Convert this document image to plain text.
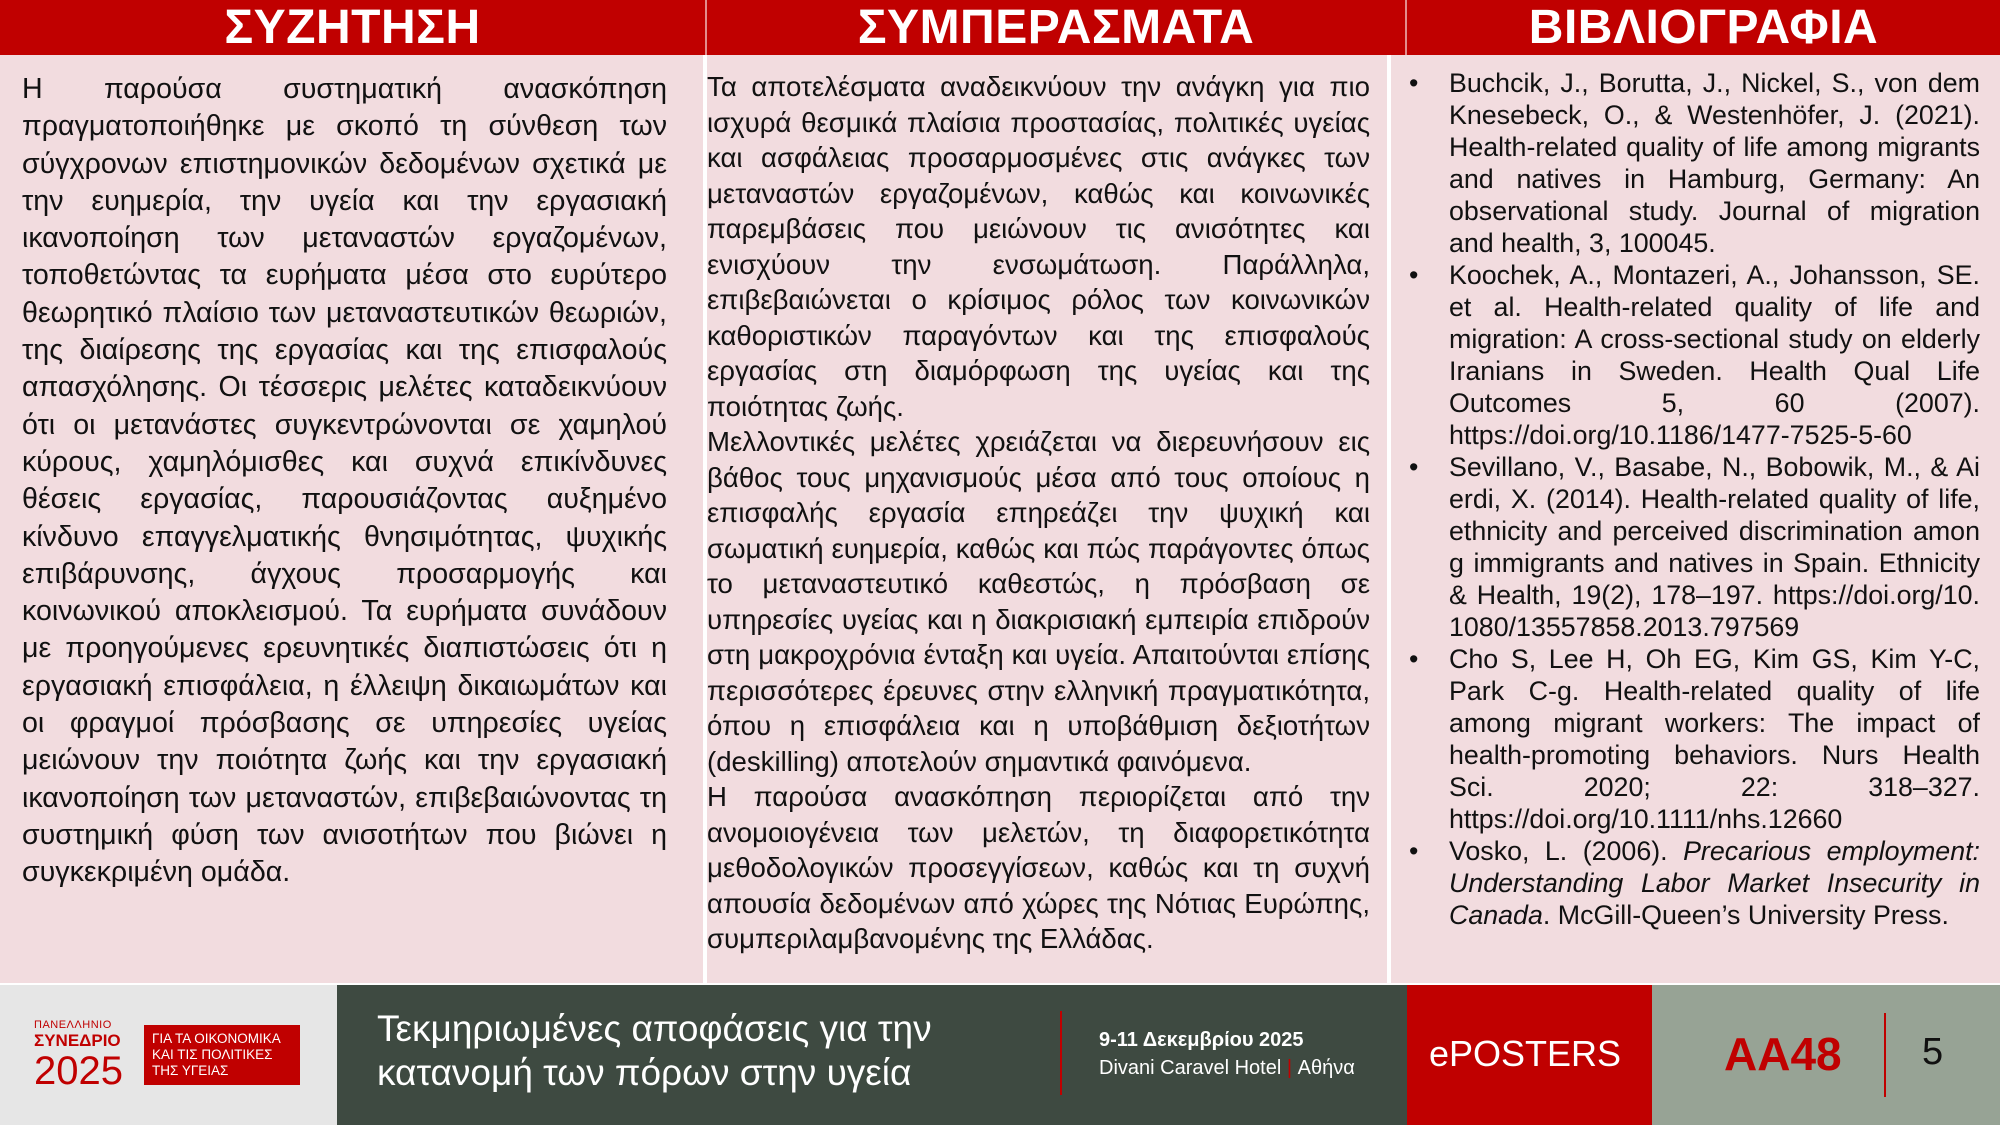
ΣΥΖΗΤΗΣΗ	ΣΥΜΠΕΡΑΣΜΑΤΑ	ΒΙΒΛΙΟΓΡΑΦΙΑ

Η παρούσα συστηματική ανασκόπηση πραγματοποιήθηκε με σκοπό τη σύνθεση των σύγχρονων επιστημονικών δεδομένων σχετικά με την ευημερία, την υγεία και την εργασιακή ικανοποίηση των μεταναστών εργαζομένων, τοποθετώντας τα ευρήματα μέσα στο ευρύτερο θεωρητικό πλαίσιο των μεταναστευτικών θεωριών, της διαίρεσης της εργασίας και της επισφαλούς απασχόλησης. Οι τέσσερις μελέτες καταδεικνύουν ότι οι μετανάστες συγκεντρώνονται σε χαμηλού κύρους, χαμηλόμισθες και συχνά επικίνδυνες θέσεις εργασίας, παρουσιάζοντας αυξημένο κίνδυνο επαγγελματικής θνησιμότητας, ψυχικής επιβάρυνσης, άγχους προσαρμογής και κοινωνικού αποκλεισμού. Τα ευρήματα συνάδουν με προηγούμενες ερευνητικές διαπιστώσεις ότι η εργασιακή επισφάλεια, η έλλειψη δικαιωμάτων και οι φραγμοί πρόσβασης σε υπηρεσίες υγείας μειώνουν την ποιότητα ζωής και την εργασιακή ικανοποίηση των μεταναστών, επιβεβαιώνοντας τη συστημική φύση των ανισοτήτων που βιώνει η συγκεκριμένη ομάδα.

Τα αποτελέσματα αναδεικνύουν την ανάγκη για πιο ισχυρά θεσμικά πλαίσια προστασίας, πολιτικές υγείας και ασφάλειας προσαρμοσμένες στις ανάγκες των μεταναστών εργαζομένων, καθώς και κοινωνικές παρεμβάσεις που μειώνουν τις ανισότητες και ενισχύουν την ενσωμάτωση. Παράλληλα, επιβεβαιώνεται ο κρίσιμος ρόλος των κοινωνικών καθοριστικών παραγόντων και της επισφαλούς εργασίας στη διαμόρφωση της υγείας και της ποιότητας ζωής.

Μελλοντικές μελέτες χρειάζεται να διερευνήσουν εις βάθος τους μηχανισμούς μέσα από τους οποίους η επισφαλής εργασία επηρεάζει την ψυχική και σωματική ευημερία, καθώς και πώς παράγοντες όπως το μεταναστευτικό καθεστώς, η πρόσβαση σε υπηρεσίες υγείας και η διακρισιακή εμπειρία επιδρούν στη μακροχρόνια ένταξη και υγεία. Απαιτούνται επίσης περισσότερες έρευνες στην ελληνική πραγματικότητα, όπου η επισφάλεια και η υποβάθμιση δεξιοτήτων (deskilling) αποτελούν σημαντικά φαινόμενα.

Η παρούσα ανασκόπηση περιορίζεται από την ανομοιογένεια των μελετών, τη διαφορετικότητα μεθοδολογικών προσεγγίσεων, καθώς και τη συχνή απουσία δεδομένων από χώρες της Νότιας Ευρώπης, συμπεριλαμβανομένης της Ελλάδας.

• Buchcik, J., Borutta, J., Nickel, S., von dem Knesebeck, O., & Westenhöfer, J. (2021). Health-related quality of life among migrants and natives in Hamburg, Germany: An observational study. Journal of migration and health, 3, 100045.
• Koochek, A., Montazeri, A., Johansson, SE. et al. Health-related quality of life and migration: A cross-sectional study on elderly Iranians in Sweden. Health Qual Life Outcomes 5, 60 (2007). https://doi.org/10.1186/1477-7525-5-60
• Sevillano, V., Basabe, N., Bobowik, M., & Aierdi, X. (2014). Health-related quality of life, ethnicity and perceived discrimination among immigrants and natives in Spain. Ethnicity & Health, 19(2), 178–197. https://doi.org/10.1080/13557858.2013.797569
• Cho S, Lee H, Oh EG, Kim GS, Kim Y-C, Park C-g. Health-related quality of life among migrant workers: The impact of health-promoting behaviors. Nurs Health Sci. 2020; 22: 318–327. https://doi.org/10.1111/nhs.12660
• Vosko, L. (2006). Precarious employment: Understanding Labor Market Insecurity in Canada. McGill-Queen’s University Press.
ΠΑΝΕΛΛΗΝΙΟ
ΣΥΝΕΔΡΙΟ
2025
ΓΙΑ ΤΑ ΟΙΚΟΝΟΜΙΚΑ
ΚΑΙ ΤΙΣ ΠΟΛΙΤΙΚΕΣ
ΤΗΣ ΥΓΕΙΑΣ
Τεκμηριωμένες αποφάσεις για την
κατανομή των πόρων στην υγεία
9-11 Δεκεμβρίου 2025
Divani Caravel Hotel | Αθήνα ePOSTERS AA48 5
